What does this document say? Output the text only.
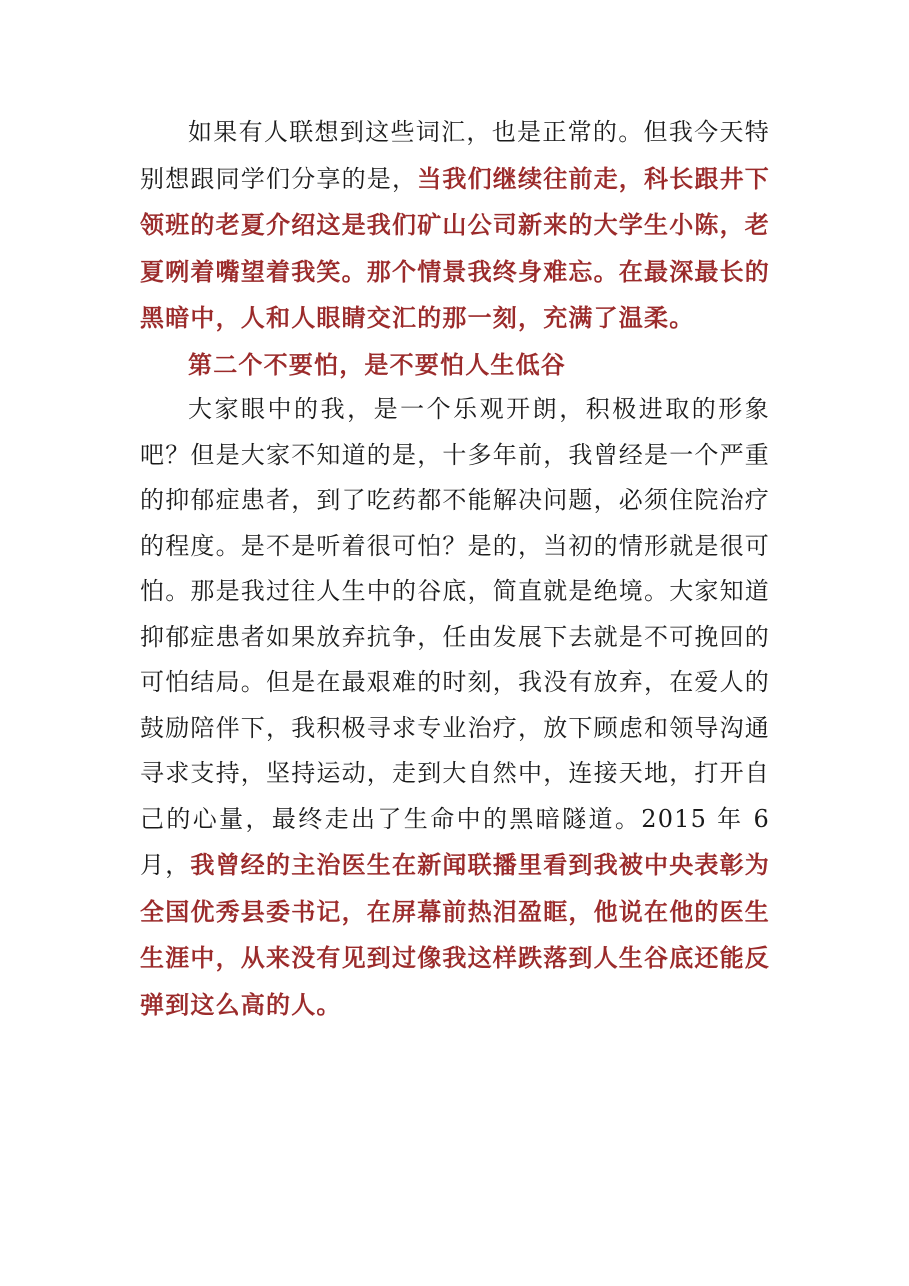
如果有人联想到这些词汇，也是正常的。但我今天特别想跟同学们分享的是，当我们继续往前走，科长跟井下领班的老夏介绍这是我们矿山公司新来的大学生小陈，老夏咧着嘴望着我笑。那个情景我终身难忘。在最深最长的黑暗中，人和人眼睛交汇的那一刻，充满了温柔。

第二个不要怕，是不要怕人生低谷

大家眼中的我，是一个乐观开朗，积极进取的形象吧？但是大家不知道的是，十多年前，我曾经是一个严重的抑郁症患者，到了吃药都不能解决问题，必须住院治疗的程度。是不是听着很可怕？是的，当初的情形就是很可怕。那是我过往人生中的谷底，简直就是绝境。大家知道抑郁症患者如果放弃抗争，任由发展下去就是不可挽回的可怕结局。但是在最艰难的时刻，我没有放弃，在爱人的鼓励陪伴下，我积极寻求专业治疗，放下顾虑和领导沟通寻求支持，坚持运动，走到大自然中，连接天地，打开自己的心量，最终走出了生命中的黑暗隧道。2015 年 6 月，我曾经的主治医生在新闻联播里看到我被中央表彰为全国优秀县委书记，在屏幕前热泪盈眶，他说在他的医生生涯中，从来没有见到过像我这样跌落到人生谷底还能反弹到这么高的人。
